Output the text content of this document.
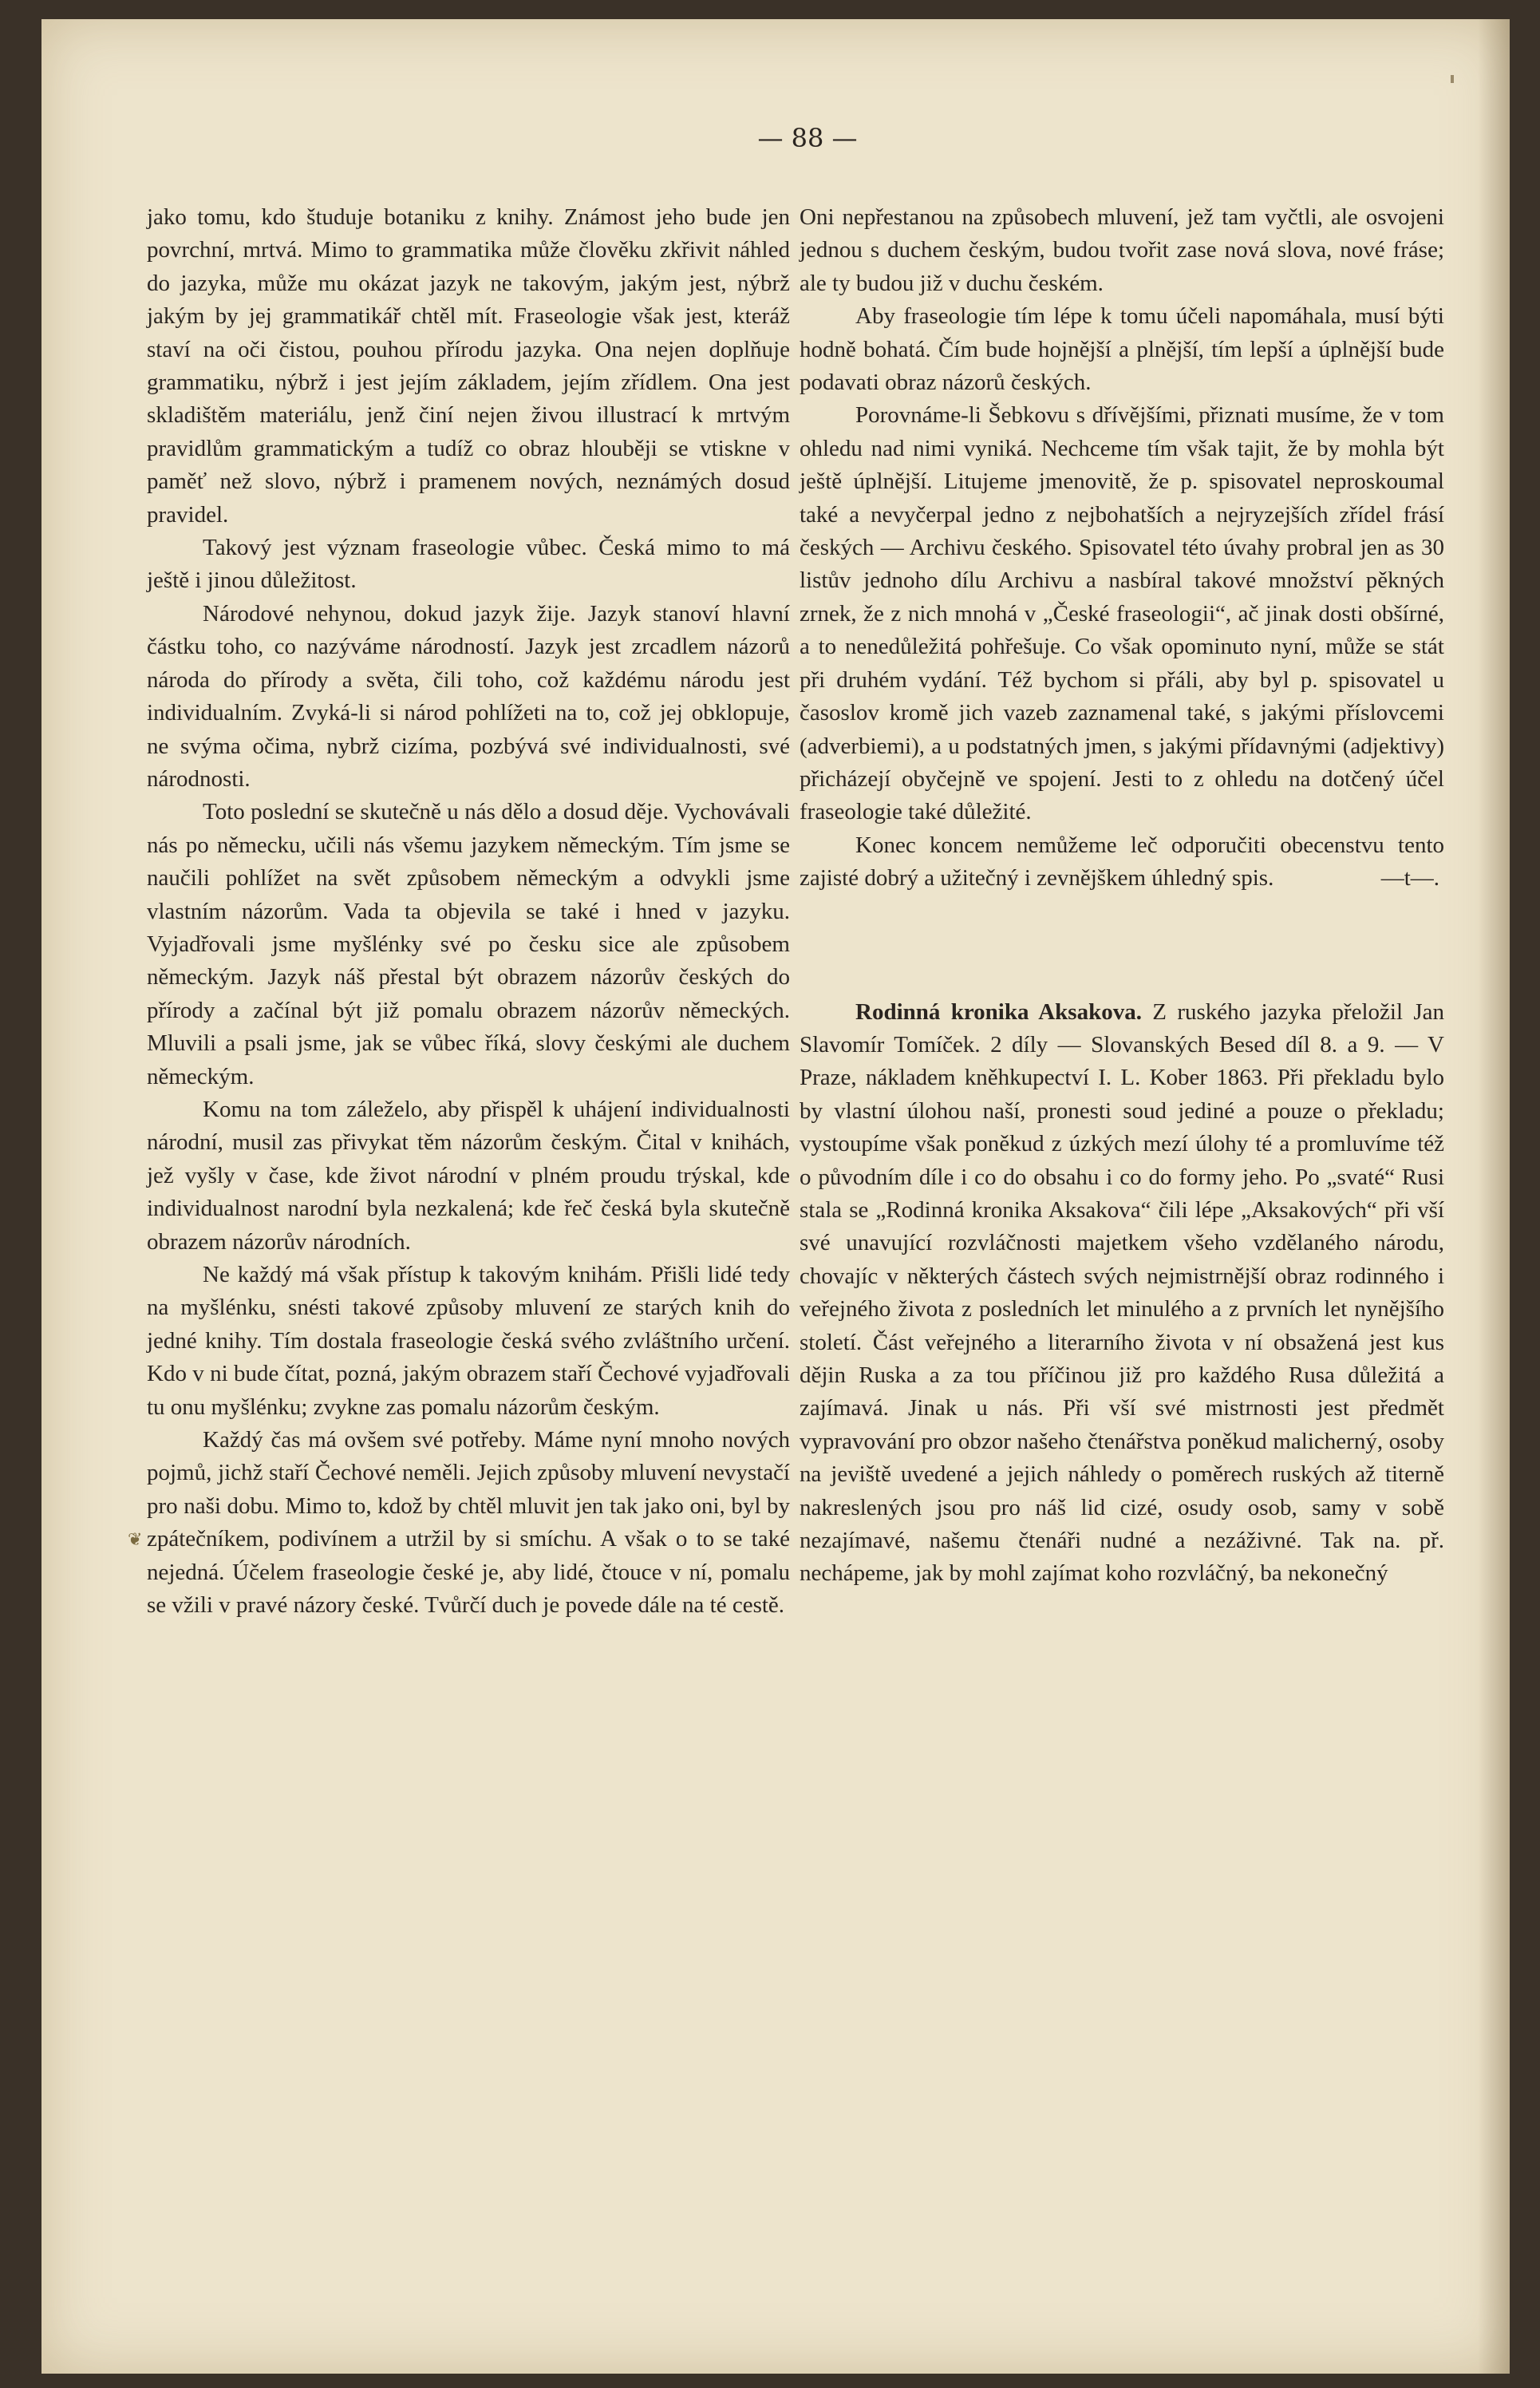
— 88 —

jako tomu, kdo študuje botaniku z knihy. Známost jeho bude jen povrchní, mrtvá. Mimo to grammatika může člověku zkřivit náhled do jazyka, může mu okázat jazyk ne takovým, jakým jest, nýbrž jakým by jej grammatikář chtěl mít. Fraseologie však jest, kteráž staví na oči čistou, pouhou přírodu jazyka. Ona nejen doplňuje grammatiku, nýbrž i jest jejím základem, jejím zřídlem. Ona jest skladištěm materiálu, jenž činí nejen živou illustrací k mrtvým pravidlům grammatickým a tudíž co obraz hlouběji se vtiskne v paměť než slovo, nýbrž i pramenem nových, neznámých dosud pravidel.

Takový jest význam fraseologie vůbec. Česká mimo to má ještě i jinou důležitost.

Národové nehynou, dokud jazyk žije. Jazyk stanoví hlavní částku toho, co nazýváme národností. Jazyk jest zrcadlem názorů národa do přírody a světa, čili toho, což každému národu jest individualním. Zvyká-li si národ pohlížeti na to, což jej obklopuje, ne svýma očima, nybrž cizíma, pozbývá své individualnosti, své národnosti.

Toto poslední se skutečně u nás dělo a dosud děje. Vychovávali nás po německu, učili nás všemu jazykem německým. Tím jsme se naučili pohlížet na svět způsobem německým a odvykli jsme vlastním názorům. Vada ta objevila se také i hned v jazyku. Vyjadřovali jsme myšlénky své po česku sice ale způsobem německým. Jazyk náš přestal být obrazem názorův českých do přírody a začínal být již pomalu obrazem názorův německých. Mluvili a psali jsme, jak se vůbec říká, slovy českými ale duchem německým.

Komu na tom záleželo, aby přispěl k uhájení individualnosti národní, musil zas přivykat těm názorům českým. Čital v knihách, jež vyšly v čase, kde život národní v plném proudu trýskal, kde individualnost narodní byla nezkalená; kde řeč česká byla skutečně obrazem názorův národních.

Ne každý má však přístup k takovým knihám. Přišli lidé tedy na myšlénku, snésti takové způsoby mluvení ze starých knih do jedné knihy. Tím dostala fraseologie česká svého zvláštního určení. Kdo v ni bude čítat, pozná, jakým obrazem staří Čechové vyjadřovali tu onu myšlénku; zvykne zas pomalu názorům českým.

Každý čas má ovšem své potřeby. Máme nyní mnoho nových pojmů, jichž staří Čechové neměli. Jejich způsoby mluvení nevystačí pro naši dobu. Mimo to, kdož by chtěl mluvit jen tak jako oni, byl by zpátečníkem, podivínem a utržil by si smíchu. A však o to se také nejedná. Účelem fraseologie české je, aby lidé, čtouce v ní, pomalu se vžili v pravé názory české. Tvůrčí duch je povede dále na té cestě.

Oni nepřestanou na způsobech mluvení, jež tam vyčtli, ale osvojeni jednou s duchem českým, budou tvořit zase nová slova, nové fráse; ale ty budou již v duchu českém.

Aby fraseologie tím lépe k tomu účeli napomáhala, musí býti hodně bohatá. Čím bude hojnější a plnější, tím lepší a úplnější bude podavati obraz názorů českých.

Porovnáme-li Šebkovu s dřívějšími, přiznati musíme, že v tom ohledu nad nimi vyniká. Nechceme tím však tajit, že by mohla být ještě úplnější. Litujeme jmenovitě, že p. spisovatel neproskoumal také a nevyčerpal jedno z nejbohatších a nejryzejších zřídel frásí českých — Archivu českého. Spisovatel této úvahy probral jen as 30 listův jednoho dílu Archivu a nasbíral takové množství pěkných zrnek, že z nich mnohá v „České fraseologii“, ač jinak dosti obšírné, a to nenedůležitá pohřešuje. Co však opominuto nyní, může se stát při druhém vydání. Též bychom si přáli, aby byl p. spisovatel u časoslov kromě jich vazeb zaznamenal také, s jakými příslovcemi (adverbiemi), a u podstatných jmen, s jakými přídavnými (adjektivy) přicházejí obyčejně ve spojení. Jesti to z ohledu na dotčený účel fraseologie také důležité.

Konec koncem nemůžeme leč odporučiti obecenstvu tento zajisté dobrý a užitečný i zevnějškem úhledný spis.	—t—.

Rodinná kronika Aksakova. Z ruského jazyka přeložil Jan Slavomír Tomíček. 2 díly — Slovanských Besed díl 8. a 9. — V Praze, nákladem kněhkupectví I. L. Kober 1863. Při překladu bylo by vlastní úlohou naší, pronesti soud jediné a pouze o překladu; vystoupíme však poněkud z úzkých mezí úlohy té a promluvíme též o původním díle i co do obsahu i co do formy jeho. Po „svaté“ Rusi stala se „Rodinná kronika Aksakova“ čili lépe „Aksakových“ při vší své unavující rozvláčnosti majetkem všeho vzdělaného národu, chovajíc v některých částech svých nejmistrnější obraz rodinného i veřejného života z posledních let minulého a z prvních let nynějšího století. Část veřejného a literarního života v ní obsažená jest kus dějin Ruska a za tou příčinou již pro každého Rusa důležitá a zajímavá. Jinak u nás. Při vší své mistrnosti jest předmět vypravování pro obzor našeho čtenářstva poněkud malicherný, osoby na jeviště uvedené a jejich náhledy o poměrech ruských až titerně nakreslených jsou pro náš lid cizé, osudy osob, samy v sobě nezajímavé, našemu čtenáři nudné a nezáživné. Tak na. př. nechápeme, jak by mohl zajímat koho rozvláčný, ba nekonečný

❦
